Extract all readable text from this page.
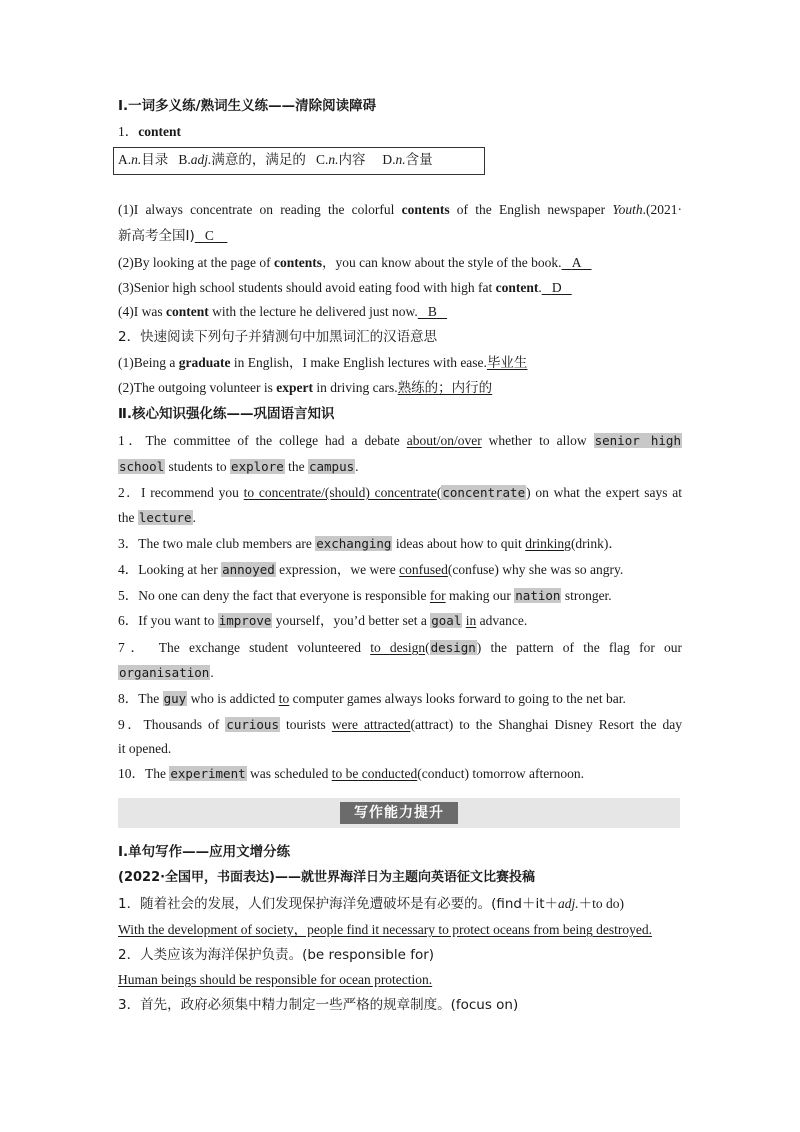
Ⅰ.一词多义练/熟词生义练——清除阅读障碍
1．content
A.n.目录 B.adj.满意的，满足的 C.n.内容 D.n.含量
(1)I always concentrate on reading the colorful contents of the English newspaper Youth.(2021·
新高考全国Ⅰ) C
(2)By looking at the page of contents，you can know about the style of the book. A
(3)Senior high school students should avoid eating food with high fat content. D
(4)I was content with the lecture he delivered just now. B
2．快速阅读下列句子并猜测句中加黑词汇的汉语意思
(1)Being a graduate in English，I make English lectures with ease.毕业生
(2)The outgoing volunteer is expert in driving cars.熟练的；内行的
Ⅱ.核心知识强化练——巩固语言知识
1．The committee of the college had a debate about/on/over whether to allow senior high
school students to explore the campus.
2．I recommend you to concentrate/(should) concentrate(concentrate) on what the expert says at
the lecture.
3．The two male club members are exchanging ideas about how to quit drinking(drink)．
4．Looking at her annoyed expression，we were confused(confuse) why she was so angry.
5．No one can deny the fact that everyone is responsible for making our nation stronger.
6．If you want to improve yourself，you’d better set a goal in advance.
7． The exchange student volunteered to design(design) the pattern of the flag for our
organisation.
8．The guy who is addicted to computer games always looks forward to going to the net bar.
9．Thousands of curious tourists were attracted(attract) to the Shanghai Disney Resort the day
it opened.
10．The experiment was scheduled to be conducted(conduct) tomorrow afternoon.
写作能力提升
Ⅰ.单句写作——应用文增分练
(2022·全国甲，书面表达)——就世界海洋日为主题向英语征文比赛投稿
1．随着社会的发展，人们发现保护海洋免遭破坏是有必要的。(find＋it＋adj.＋to do)
With the development of society，people find it necessary to protect oceans from being destroyed.
2．人类应该为海洋保护负责。(be responsible for)
Human beings should be responsible for ocean protection.
3．首先，政府必须集中精力制定一些严格的规章制度。(focus on)
